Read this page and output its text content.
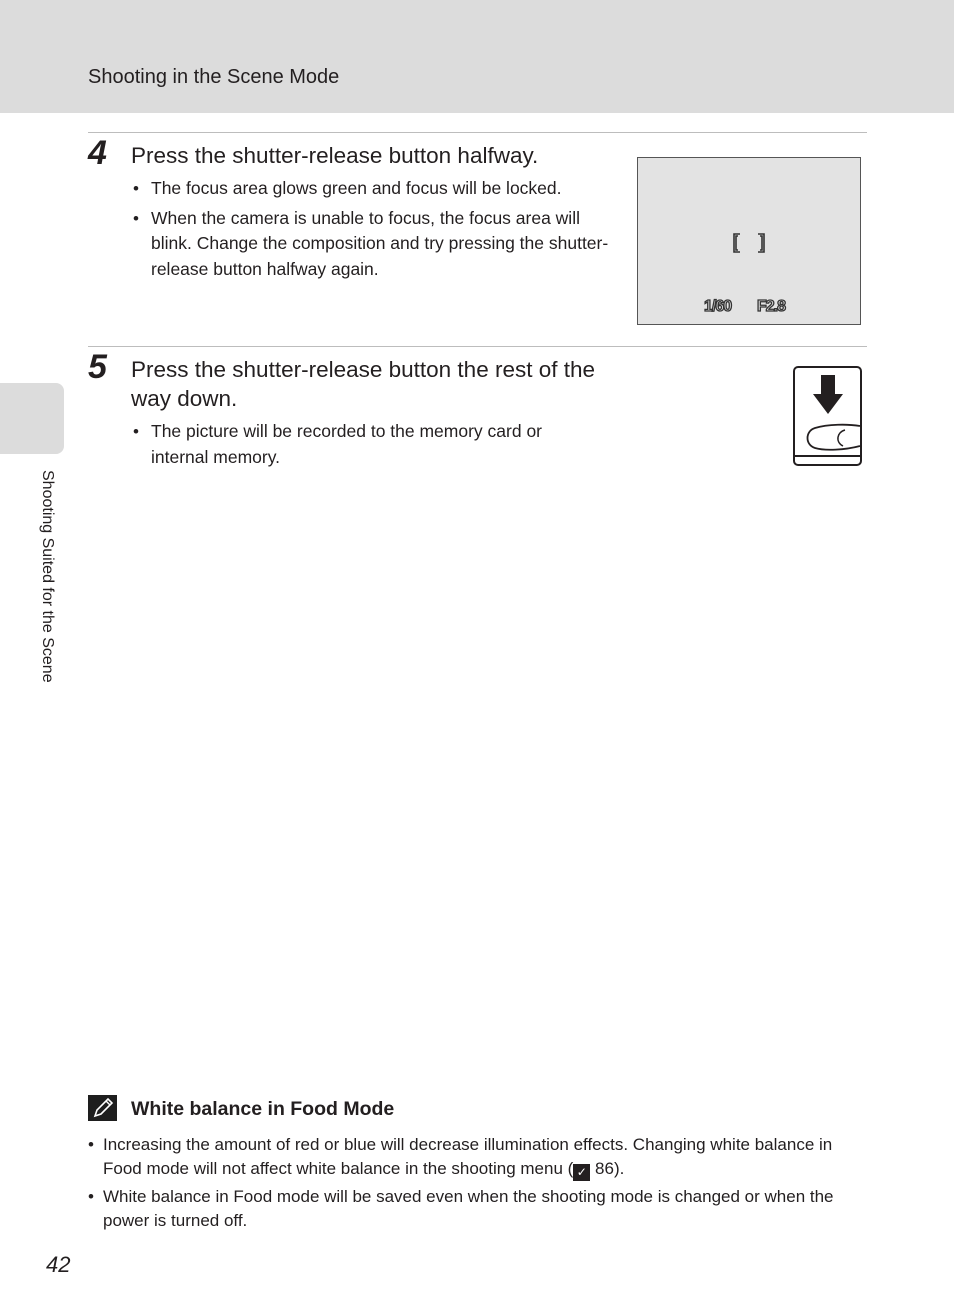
Shooting in the Scene Mode
Shooting Suited for the Scene
4 Press the shutter-release button halfway.
• The focus area glows green and focus will be locked.
• When the camera is unable to focus, the focus area will blink. Change the composition and try pressing the shutter-release button halfway again.
1/60 F2.8
5 Press the shutter-release button the rest of the way down.
• The picture will be recorded to the memory card or internal memory.
White balance in Food Mode
• Increasing the amount of red or blue will decrease illumination effects. Changing white balance in Food mode will not affect white balance in the shooting menu ( ✓ 86).
• White balance in Food mode will be saved even when the shooting mode is changed or when the power is turned off.
42
